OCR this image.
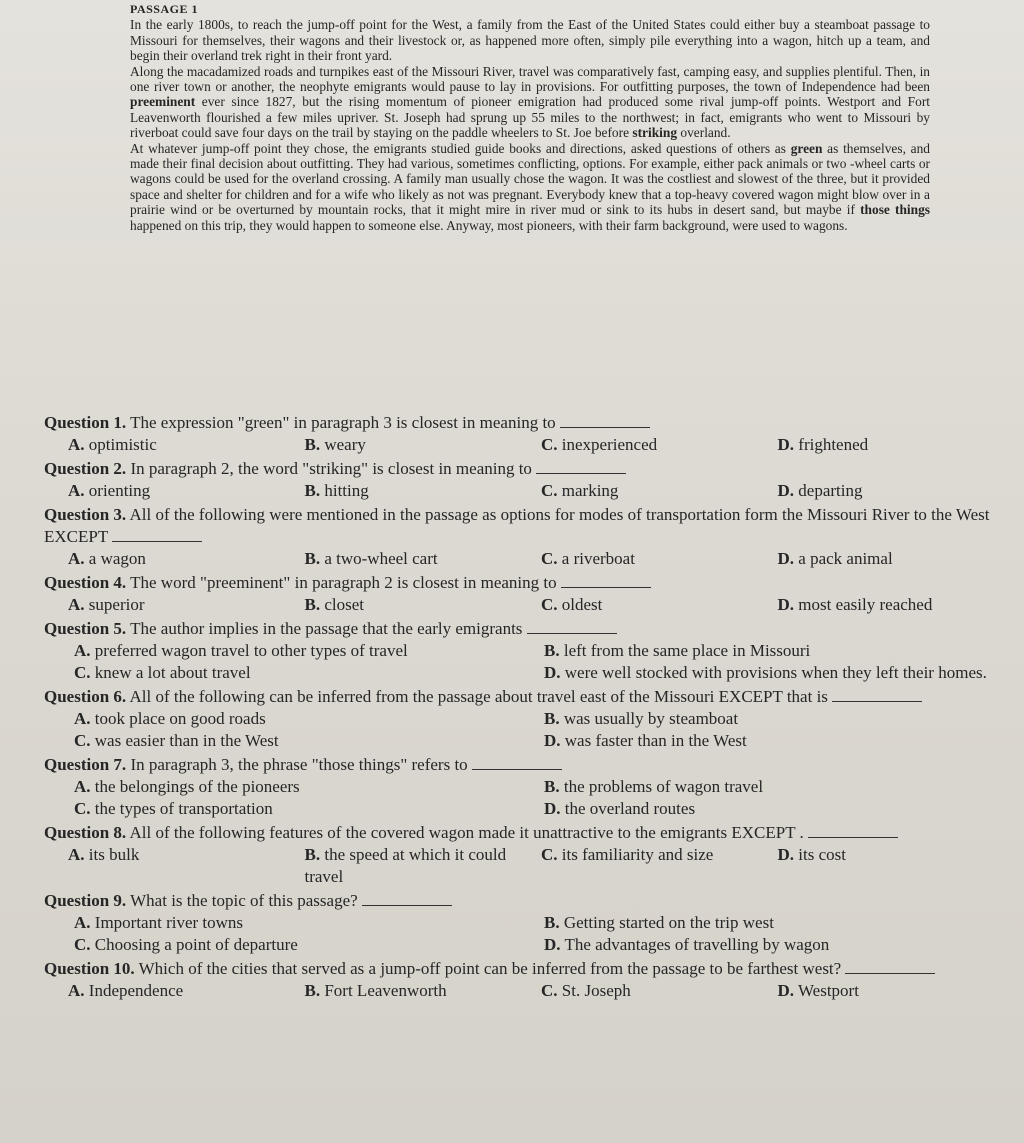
PASSAGE 1

In the early 1800s, to reach the jump-off point for the West, a family from the East of the United States could either buy a steamboat passage to Missouri for themselves, their wagons and their livestock or, as happened more often, simply pile everything into a wagon, hitch up a team, and begin their overland trek right in their front yard.

Along the macadamized roads and turnpikes east of the Missouri River, travel was comparatively fast, camping easy, and supplies plentiful. Then, in one river town or another, the neophyte emigrants would pause to lay in provisions. For outfitting purposes, the town of Independence had been preeminent ever since 1827, but the rising momentum of pioneer emigration had produced some rival jump-off points. Westport and Fort Leavenworth flourished a few miles upriver. St. Joseph had sprung up 55 miles to the northwest; in fact, emigrants who went to Missouri by riverboat could save four days on the trail by staying on the paddle wheelers to St. Joe before striking overland.

At whatever jump-off point they chose, the emigrants studied guide books and directions, asked questions of others as green as themselves, and made their final decision about outfitting. They had various, sometimes conflicting, options. For example, either pack animals or two -wheel carts or wagons could be used for the overland crossing. A family man usually chose the wagon. It was the costliest and slowest of the three, but it provided space and shelter for children and for a wife who likely as not was pregnant. Everybody knew that a top-heavy covered wagon might blow over in a prairie wind or be overturned by mountain rocks, that it might mire in river mud or sink to its hubs in desert sand, but maybe if those things happened on this trip, they would happen to someone else. Anyway, most pioneers, with their farm background, were used to wagons.

Question 1. The expression "green" in paragraph 3 is closest in meaning to

A. optimistic	B. weary	C. inexperienced	D. frightened

Question 2. In paragraph 2, the word "striking" is closest in meaning to

A. orienting	B. hitting	C. marking	D. departing

Question 3. All of the following were mentioned in the passage as options for modes of transportation form the Missouri River to the West EXCEPT

A. a wagon	B. a two-wheel cart	C. a riverboat	D. a pack animal

Question 4. The word "preeminent" in paragraph 2 is closest in meaning to

A. superior	B. closet	C. oldest	D. most easily reached

Question 5. The author implies in the passage that the early emigrants

A. preferred wagon travel to other types of travel	B. left from the same place in Missouri
C. knew a lot about travel	D. were well stocked with provisions when they left their homes.

Question 6. All of the following can be inferred from the passage about travel east of the Missouri EXCEPT that is

A. took place on good roads	B. was usually by steamboat
C. was easier than in the West	D. was faster than in the West

Question 7. In paragraph 3, the phrase "those things" refers to

A. the belongings of the pioneers	B. the problems of wagon travel
C. the types of transportation	D. the overland routes

Question 8. All of the following features of the covered wagon made it unattractive to the emigrants EXCEPT .

A. its bulk	B. the speed at which it could travel
C. its familiarity and size	D. its cost

Question 9. What is the topic of this passage?

A. Important river towns	B. Getting started on the trip west
C. Choosing a point of departure	D. The advantages of travelling by wagon

Question 10. Which of the cities that served as a jump-off point can be inferred from the passage to be farthest west?

A. Independence	B. Fort Leavenworth	C. St. Joseph	D. Westport
